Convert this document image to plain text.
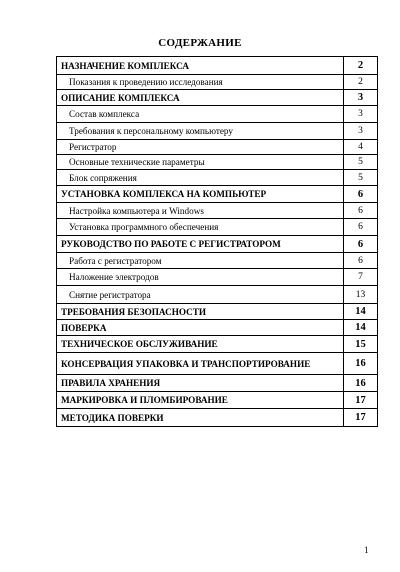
СОДЕРЖАНИЕ
НАЗНАЧЕНИЕ КОМПЛЕКСА	2
Показания к проведению исследования	2
ОПИСАНИЕ КОМПЛЕКСА	3
Состав комплекса	3
Требования к персональному компьютеру	3
Регистратор	4
Основные технические параметры	5
Блок сопряжения	5
УСТАНОВКА КОМПЛЕКСА НА КОМПЬЮТЕР	6
Настройка компьютера и Windows	6
Установка программного обеспечения	6
РУКОВОДСТВО ПО РАБОТЕ С РЕГИСТРАТОРОМ	6
Работа с регистратором	6
Наложение электродов	7
Снятие регистратора	13
ТРЕБОВАНИЯ БЕЗОПАСНОСТИ	14
ПОВЕРКА	14
ТЕХНИЧЕСКОЕ ОБСЛУЖИВАНИЕ	15
КОНСЕРВАЦИЯ УПАКОВКА И ТРАНСПОРТИРОВАНИЕ	16
ПРАВИЛА ХРАНЕНИЯ	16
МАРКИРОВКА И ПЛОМБИРОВАНИЕ	17
МЕТОДИКА ПОВЕРКИ	17
1
